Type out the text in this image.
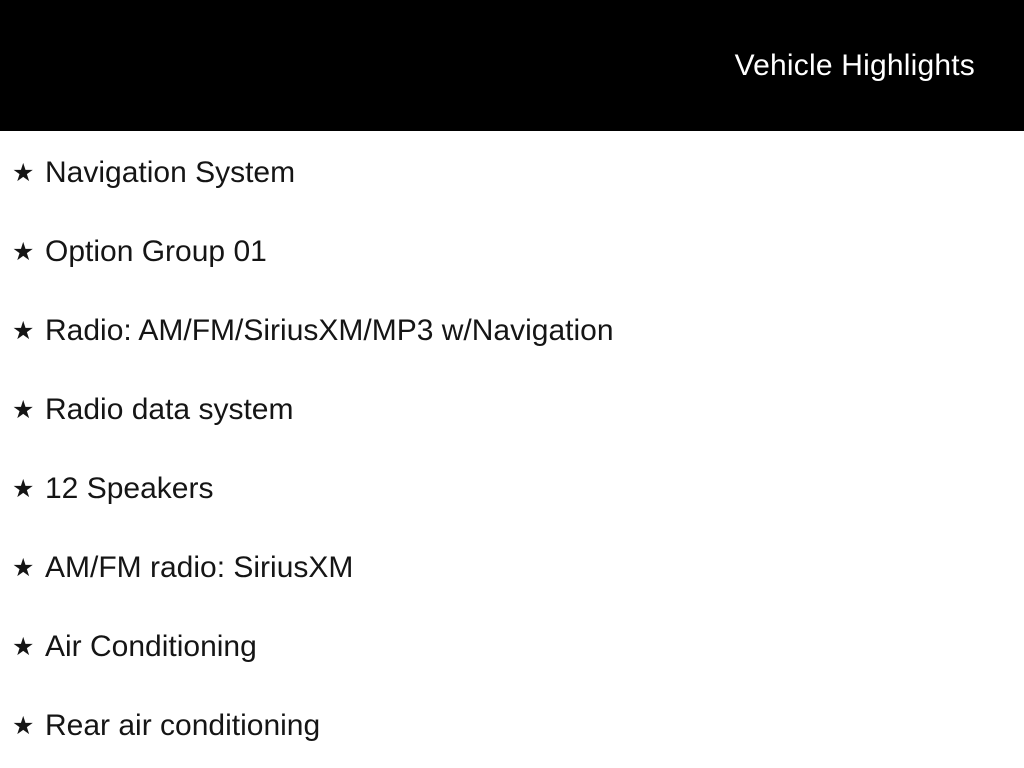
Vehicle Highlights
★ Navigation System
★ Option Group 01
★ Radio: AM/FM/SiriusXM/MP3 w/Navigation
★ Radio data system
★ 12 Speakers
★ AM/FM radio: SiriusXM
★ Air Conditioning
★ Rear air conditioning
